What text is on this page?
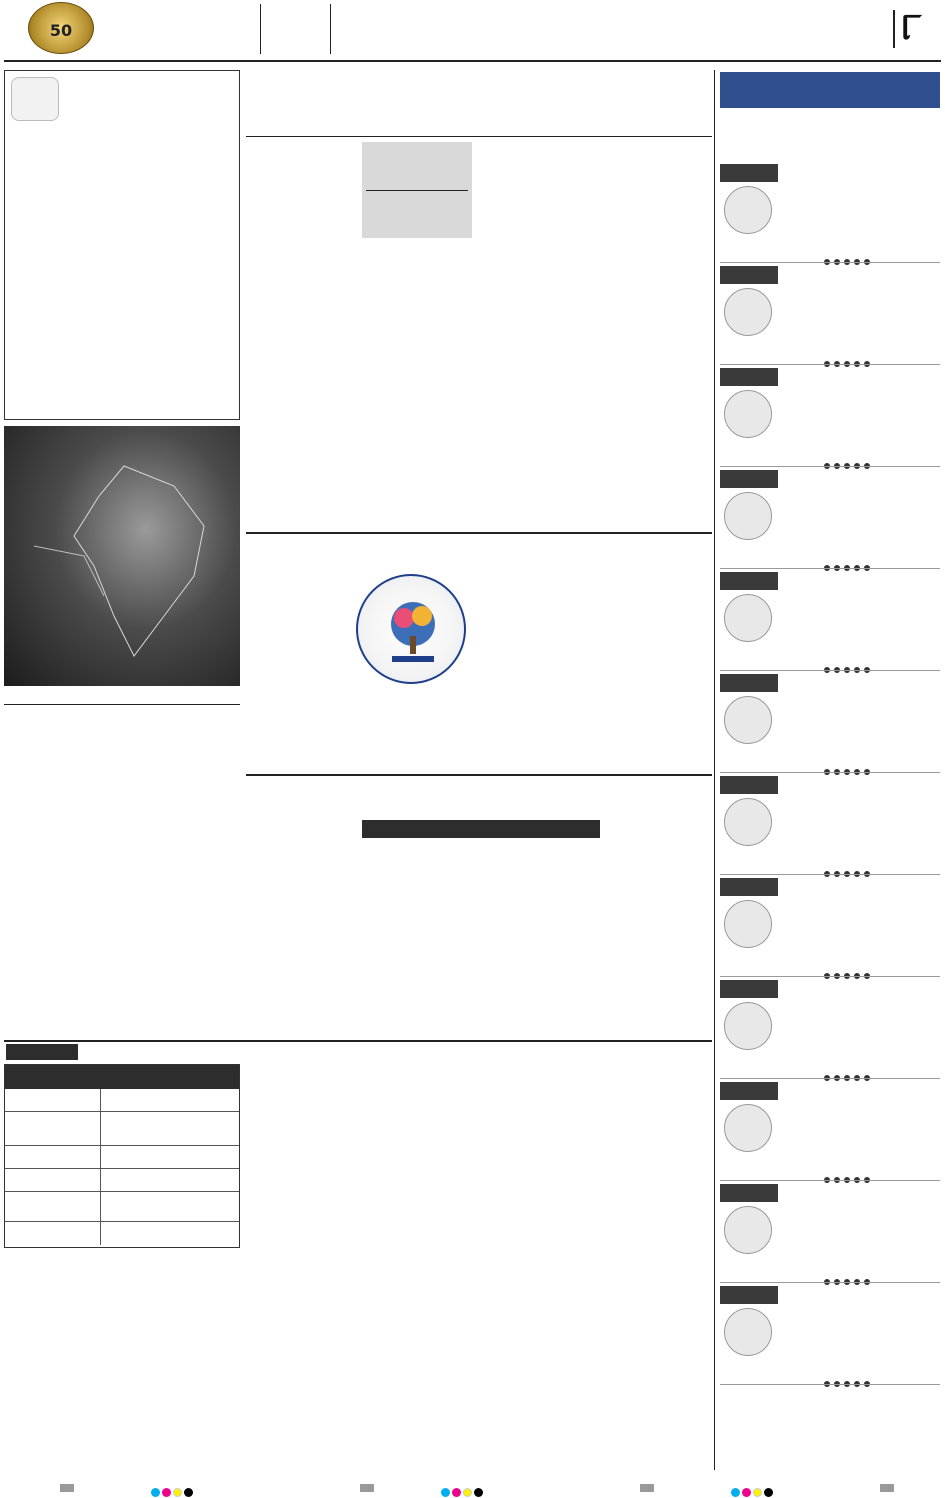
50	୮
